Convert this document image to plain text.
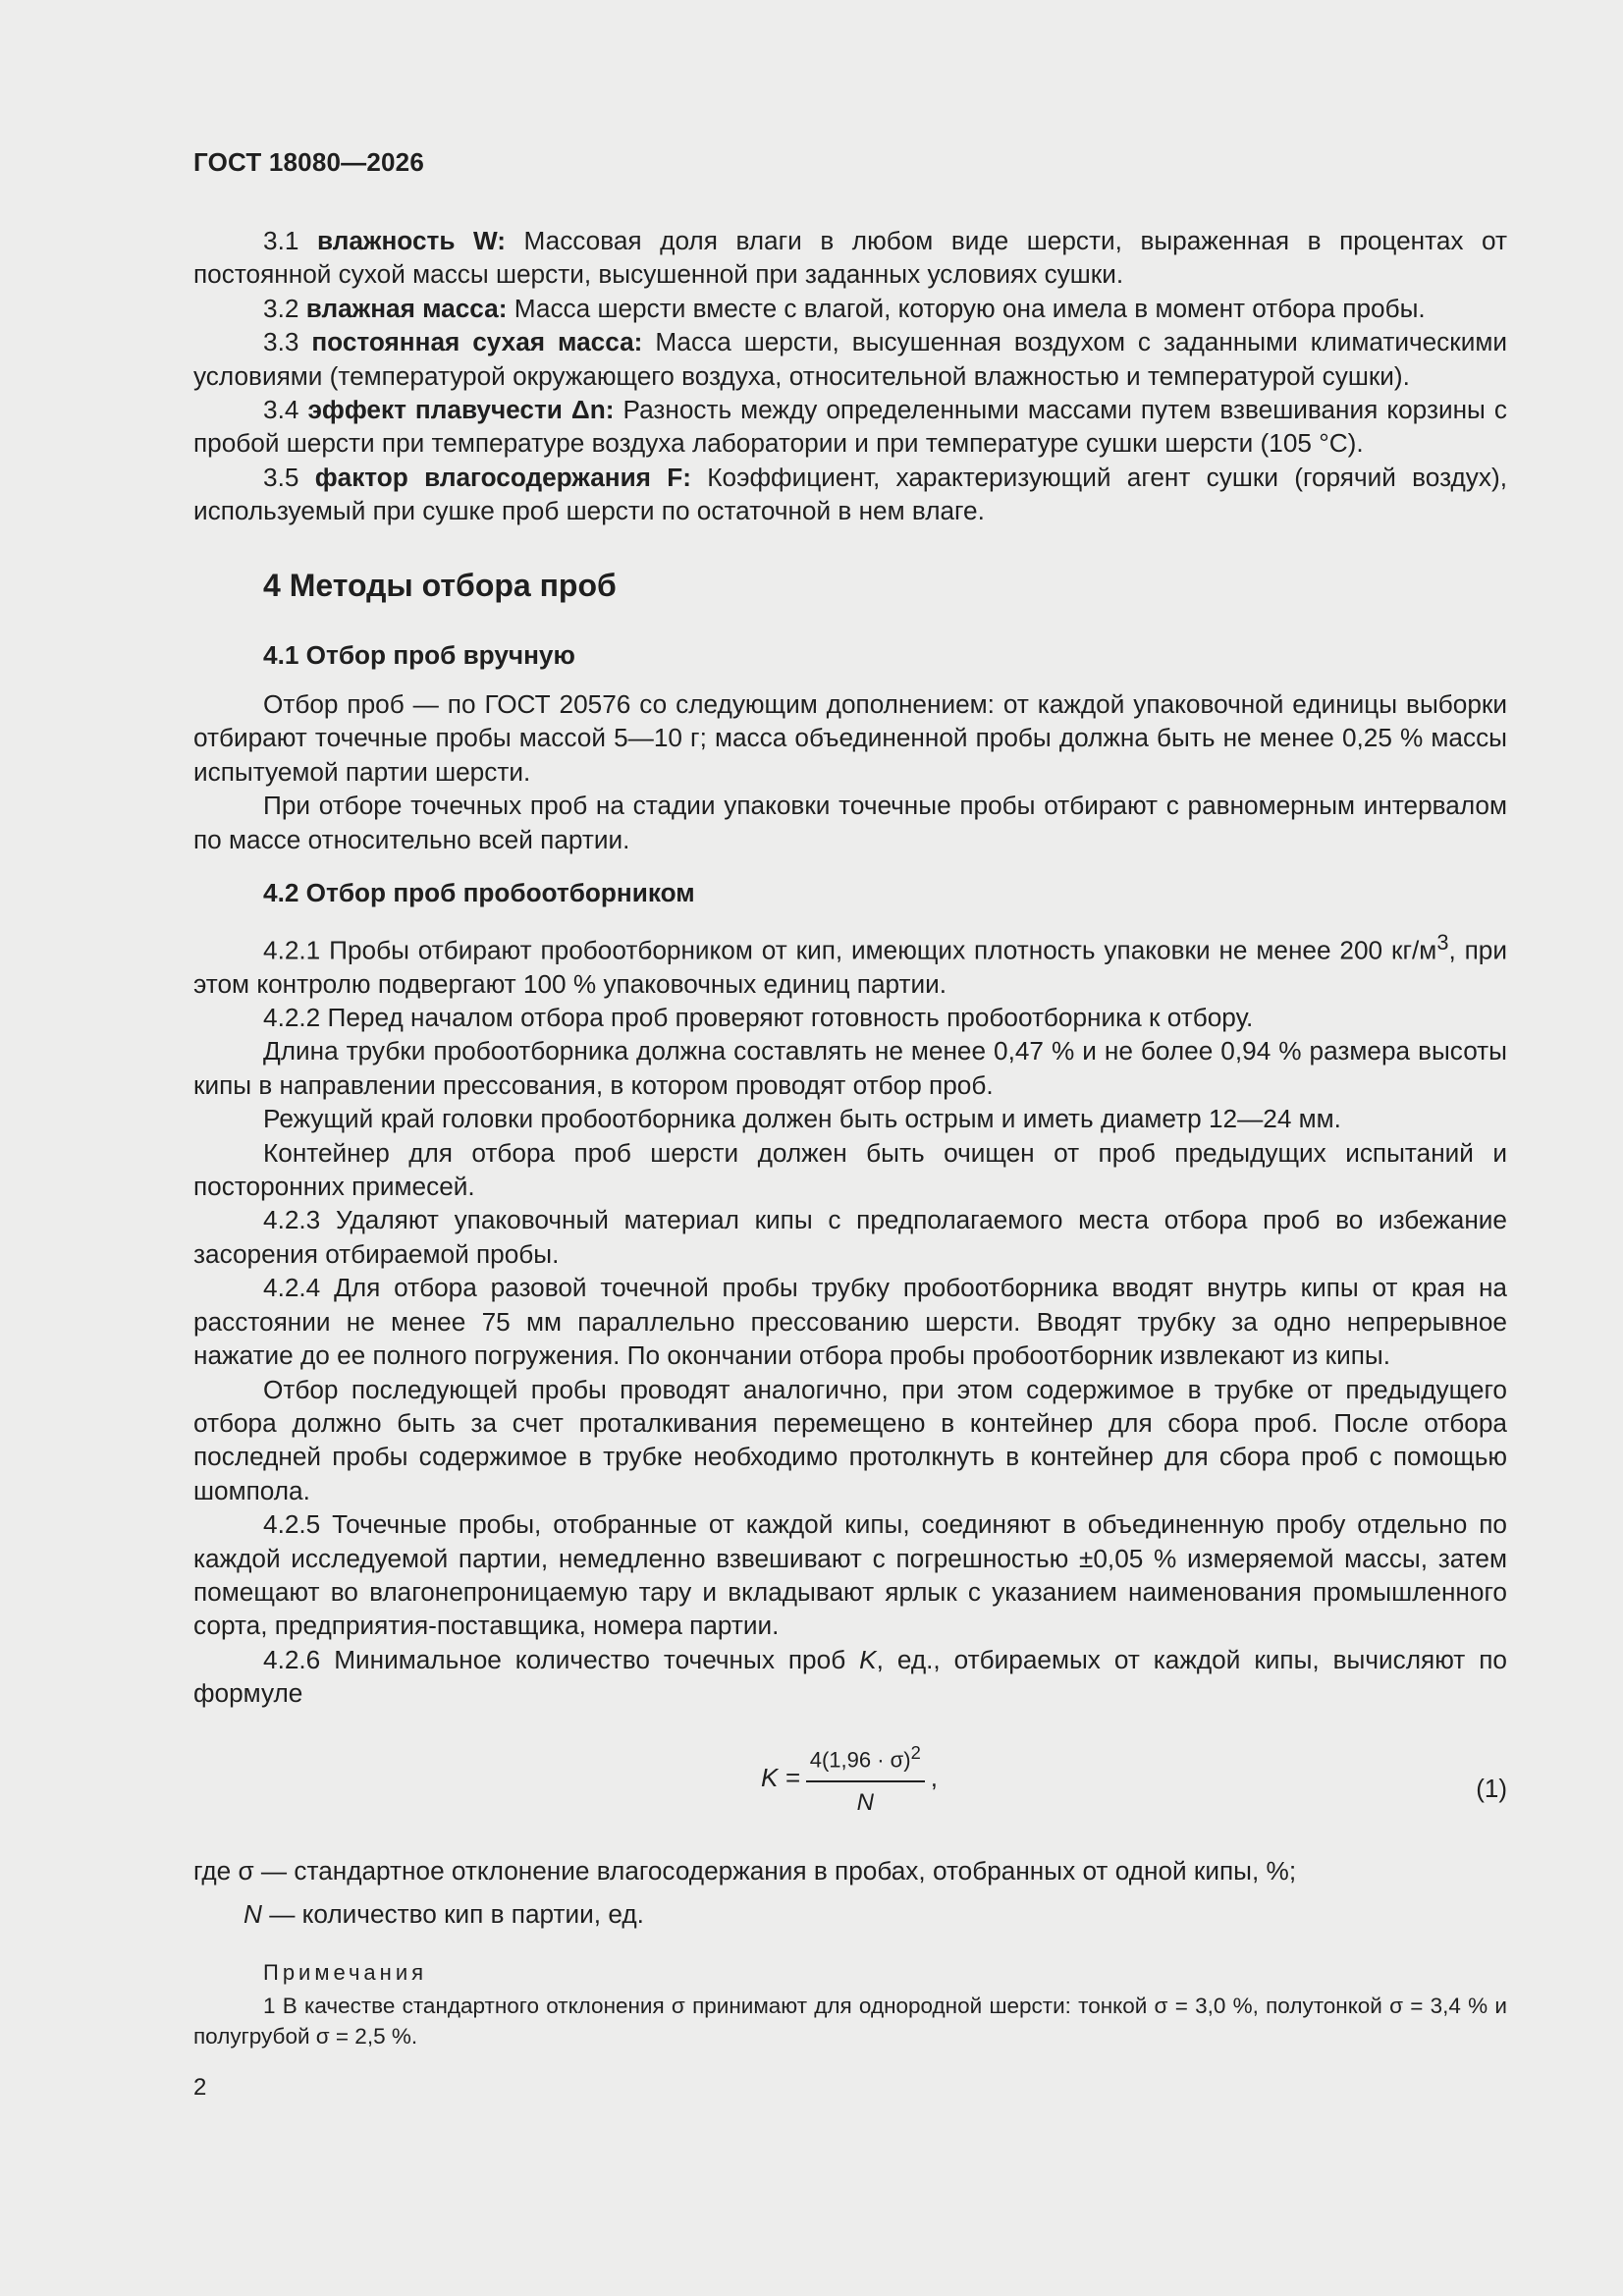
ГОСТ 18080—2026

3.1 влажность W: Массовая доля влаги в любом виде шерсти, выраженная в процентах от постоянной сухой массы шерсти, высушенной при заданных условиях сушки.

3.2 влажная масса: Масса шерсти вместе с влагой, которую она имела в момент отбора пробы.

3.3 постоянная сухая масса: Масса шерсти, высушенная воздухом с заданными климатическими условиями (температурой окружающего воздуха, относительной влажностью и температурой сушки).

3.4 эффект плавучести Δn: Разность между определенными массами путем взвешивания корзины с пробой шерсти при температуре воздуха лаборатории и при температуре сушки шерсти (105 °С).

3.5 фактор влагосодержания F: Коэффициент, характеризующий агент сушки (горячий воздух), используемый при сушке проб шерсти по остаточной в нем влаге.

4 Методы отбора проб

4.1 Отбор проб вручную

Отбор проб — по ГОСТ 20576 со следующим дополнением: от каждой упаковочной единицы выборки отбирают точечные пробы массой 5—10 г; масса объединенной пробы должна быть не менее 0,25 % массы испытуемой партии шерсти.

При отборе точечных проб на стадии упаковки точечные пробы отбирают с равномерным интервалом по массе относительно всей партии.

4.2 Отбор проб пробоотборником

4.2.1 Пробы отбирают пробоотборником от кип, имеющих плотность упаковки не менее 200 $кг/м^3$, при этом контролю подвергают 100 % упаковочных единиц партии.

4.2.2 Перед началом отбора проб проверяют готовность пробоотборника к отбору.

Длина трубки пробоотборника должна составлять не менее 0,47 % и не более 0,94 % размера высоты кипы в направлении прессования, в котором проводят отбор проб.

Режущий край головки пробоотборника должен быть острым и иметь диаметр 12—24 мм.

Контейнер для отбора проб шерсти должен быть очищен от проб предыдущих испытаний и посторонних примесей.

4.2.3 Удаляют упаковочный материал кипы с предполагаемого места отбора проб во избежание засорения отбираемой пробы.

4.2.4 Для отбора разовой точечной пробы трубку пробоотборника вводят внутрь кипы от края на расстоянии не менее 75 мм параллельно прессованию шерсти. Вводят трубку за одно непрерывное нажатие до ее полного погружения. По окончании отбора пробы пробоотборник извлекают из кипы.

Отбор последующей пробы проводят аналогично, при этом содержимое в трубке от предыдущего отбора должно быть за счет проталкивания перемещено в контейнер для сбора проб. После отбора последней пробы содержимое в трубке необходимо протолкнуть в контейнер для сбора проб с помощью шомпола.

4.2.5 Точечные пробы, отобранные от каждой кипы, соединяют в объединенную пробу отдельно по каждой исследуемой партии, немедленно взвешивают с погрешностью ±0,05 % измеряемой массы, затем помещают во влагонепроницаемую тару и вкладывают ярлык с указанием наименования промышленного сорта, предприятия-поставщика, номера партии.

4.2.6 Минимальное количество точечных проб K, ед., отбираемых от каждой кипы, вычисляют по формуле

$K = \frac{4(1,96 \cdot \sigma)^2}{N}$ ,	(1)

где σ — стандартное отклонение влагосодержания в пробах, отобранных от одной кипы, %;

N — количество кип в партии, ед.

Примечания

1 В качестве стандартного отклонения σ принимают для однородной шерсти: тонкой σ = 3,0 %, полутонкой σ = 3,4 % и полугрубой σ = 2,5 %.

2
